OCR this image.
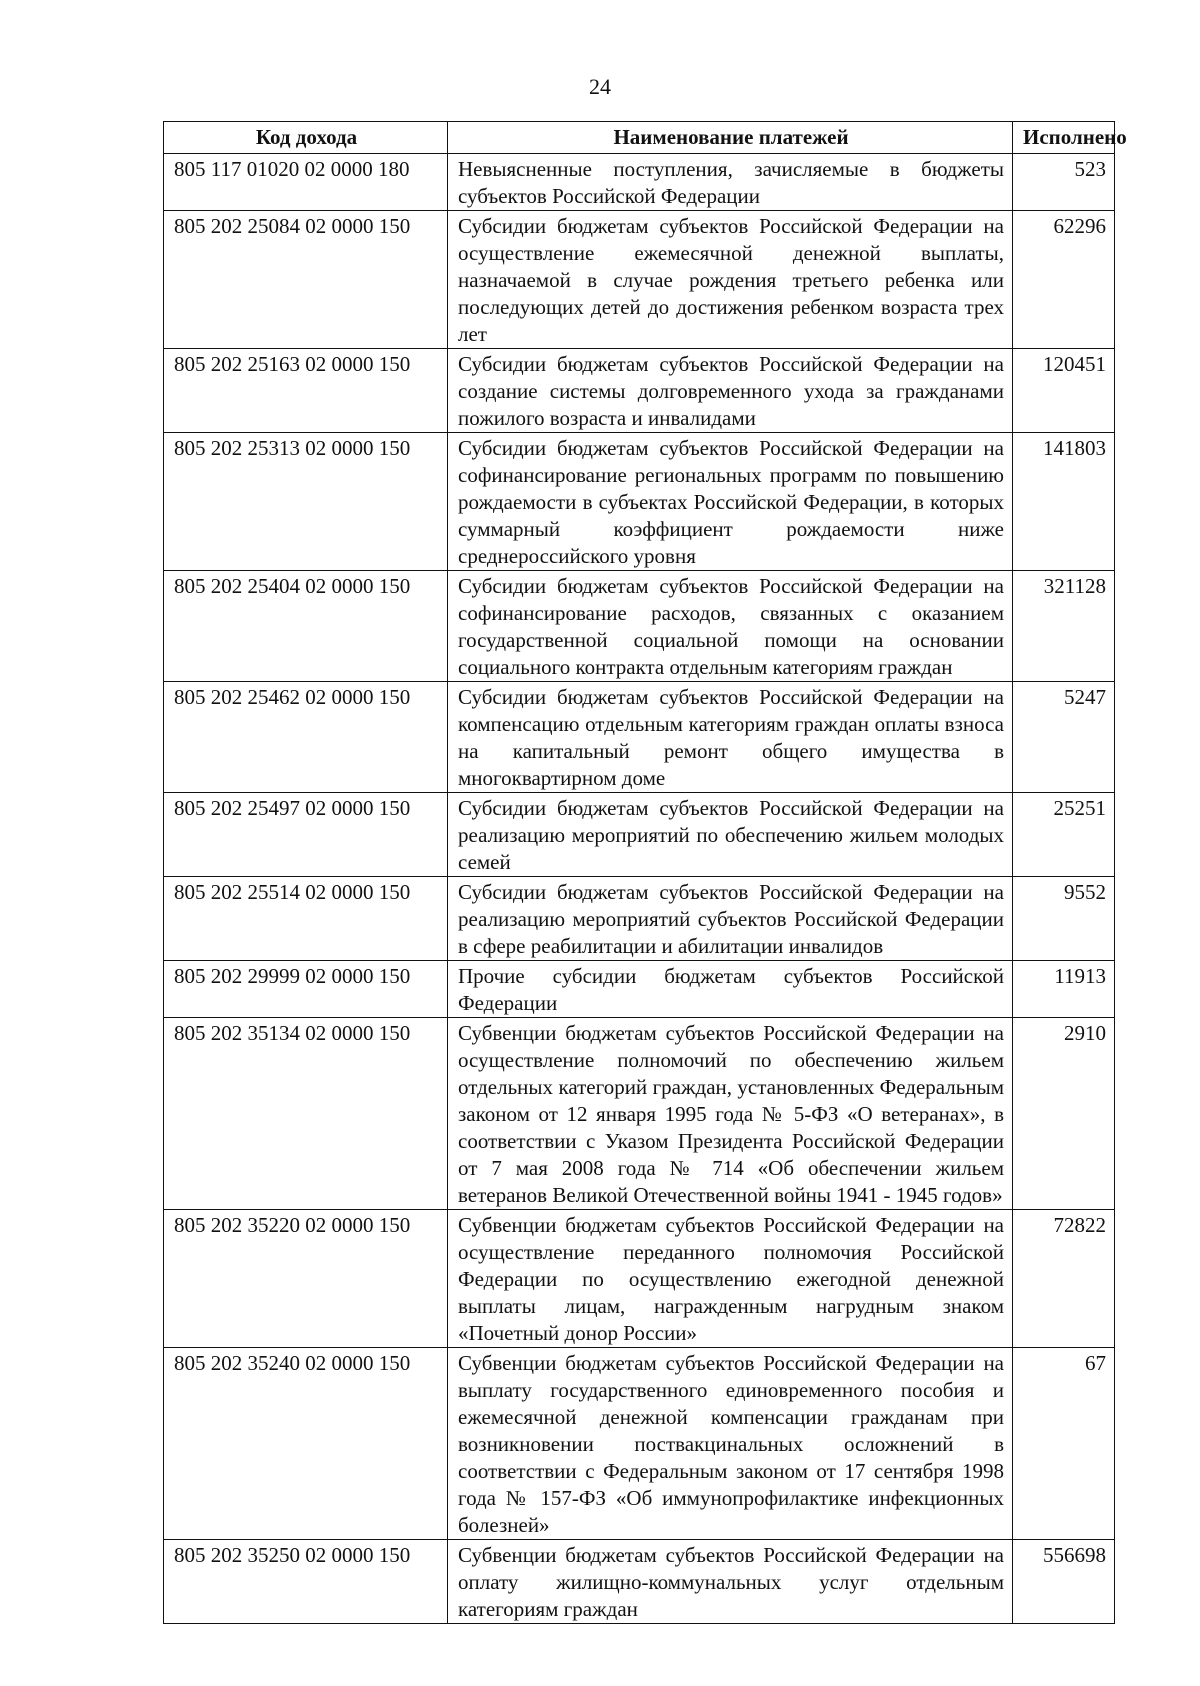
24
Код дохода	Наименование платежей	Исполнено
805 117 01020 02 0000 180	Невыясненные поступления, зачисляемые в бюджеты субъектов Российской Федерации	523
805 202 25084 02 0000 150	Субсидии бюджетам субъектов Российской Федерации на осуществление ежемесячной денежной выплаты, назначаемой в случае рождения третьего ребенка или последующих детей до достижения ребенком возраста трех лет	62296
805 202 25163 02 0000 150	Субсидии бюджетам субъектов Российской Федерации на создание системы долговременного ухода за гражданами пожилого возраста и инвалидами	120451
805 202 25313 02 0000 150	Субсидии бюджетам субъектов Российской Федерации на софинансирование региональных программ по повышению рождаемости в субъектах Российской Федерации, в которых суммарный коэффициент рождаемости ниже среднероссийского уровня	141803
805 202 25404 02 0000 150	Субсидии бюджетам субъектов Российской Федерации на софинансирование расходов, связанных с оказанием государственной социальной помощи на основании социального контракта отдельным категориям граждан	321128
805 202 25462 02 0000 150	Субсидии бюджетам субъектов Российской Федерации на компенсацию отдельным категориям граждан оплаты взноса на капитальный ремонт общего имущества в многоквартирном доме	5247
805 202 25497 02 0000 150	Субсидии бюджетам субъектов Российской Федерации на реализацию мероприятий по обеспечению жильем молодых семей	25251
805 202 25514 02 0000 150	Субсидии бюджетам субъектов Российской Федерации на реализацию мероприятий субъектов Российской Федерации в сфере реабилитации и абилитации инвалидов	9552
805 202 29999 02 0000 150	Прочие субсидии бюджетам субъектов Российской Федерации	11913
805 202 35134 02 0000 150	Субвенции бюджетам субъектов Российской Федерации на осуществление полномочий по обеспечению жильем отдельных категорий граждан, установленных Федеральным законом от 12 января 1995 года № 5-ФЗ «О ветеранах», в соответствии с Указом Президента Российской Федерации от 7 мая 2008 года № 714 «Об обеспечении жильем ветеранов Великой Отечественной войны 1941 - 1945 годов»	2910
805 202 35220 02 0000 150	Субвенции бюджетам субъектов Российской Федерации на осуществление переданного полномочия Российской Федерации по осуществлению ежегодной денежной выплаты лицам, награжденным нагрудным знаком «Почетный донор России»	72822
805 202 35240 02 0000 150	Субвенции бюджетам субъектов Российской Федерации на выплату государственного единовременного пособия и ежемесячной денежной компенсации гражданам при возникновении поствакцинальных осложнений в соответствии с Федеральным законом от 17 сентября 1998 года № 157-ФЗ «Об иммунопрофилактике инфекционных болезней»	67
805 202 35250 02 0000 150	Субвенции бюджетам субъектов Российской Федерации на оплату жилищно-коммунальных услуг отдельным категориям граждан	556698
